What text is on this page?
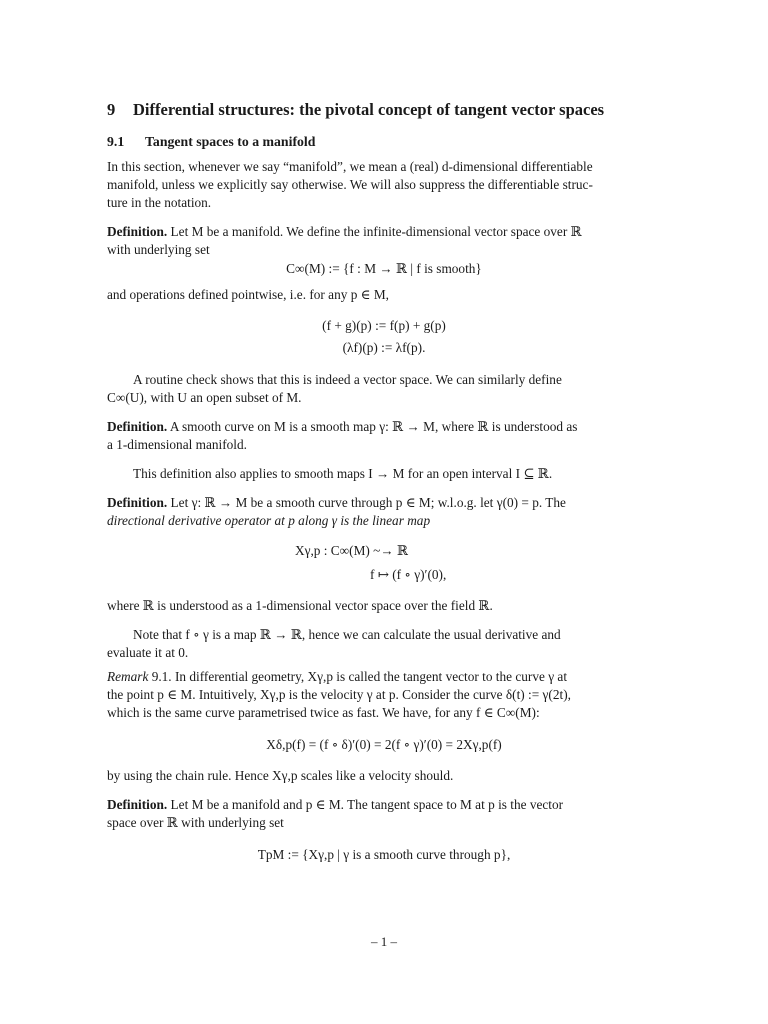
9 Differential structures: the pivotal concept of tangent vector spaces
9.1 Tangent spaces to a manifold
In this section, whenever we say “manifold”, we mean a (real) d-dimensional differentiable
manifold, unless we explicitly say otherwise. We will also suppress the differentiable struc-
ture in the notation.
Definition. Let M be a manifold. We define the infinite-dimensional vector space over ℝ
with underlying set
C∞(M) := {f : M → ℝ | f is smooth}
and operations defined pointwise, i.e. for any p ∈ M,
(f + g)(p) := f(p) + g(p)
(λf)(p) := λf(p).
A routine check shows that this is indeed a vector space. We can similarly define
C∞(U), with U an open subset of M.
Definition. A smooth curve on M is a smooth map γ: ℝ → M, where ℝ is understood as
a 1-dimensional manifold.
This definition also applies to smooth maps I → M for an open interval I ⊆ ℝ.
Definition. Let γ: ℝ → M be a smooth curve through p ∈ M; w.l.o.g. let γ(0) = p. The
directional derivative operator at p along γ is the linear map
Xγ,p : C∞(M) ~→ ℝ
f ↦ (f ∘ γ)′(0),
where ℝ is understood as a 1-dimensional vector space over the field ℝ.
Note that f ∘ γ is a map ℝ → ℝ, hence we can calculate the usual derivative and
evaluate it at 0.
Remark 9.1. In differential geometry, Xγ,p is called the tangent vector to the curve γ at
the point p ∈ M. Intuitively, Xγ,p is the velocity γ at p. Consider the curve δ(t) := γ(2t),
which is the same curve parametrised twice as fast. We have, for any f ∈ C∞(M):
Xδ,p(f) = (f ∘ δ)′(0) = 2(f ∘ γ)′(0) = 2Xγ,p(f)
by using the chain rule. Hence Xγ,p scales like a velocity should.
Definition. Let M be a manifold and p ∈ M. The tangent space to M at p is the vector
space over ℝ with underlying set
TpM := {Xγ,p | γ is a smooth curve through p},
– 1 –
